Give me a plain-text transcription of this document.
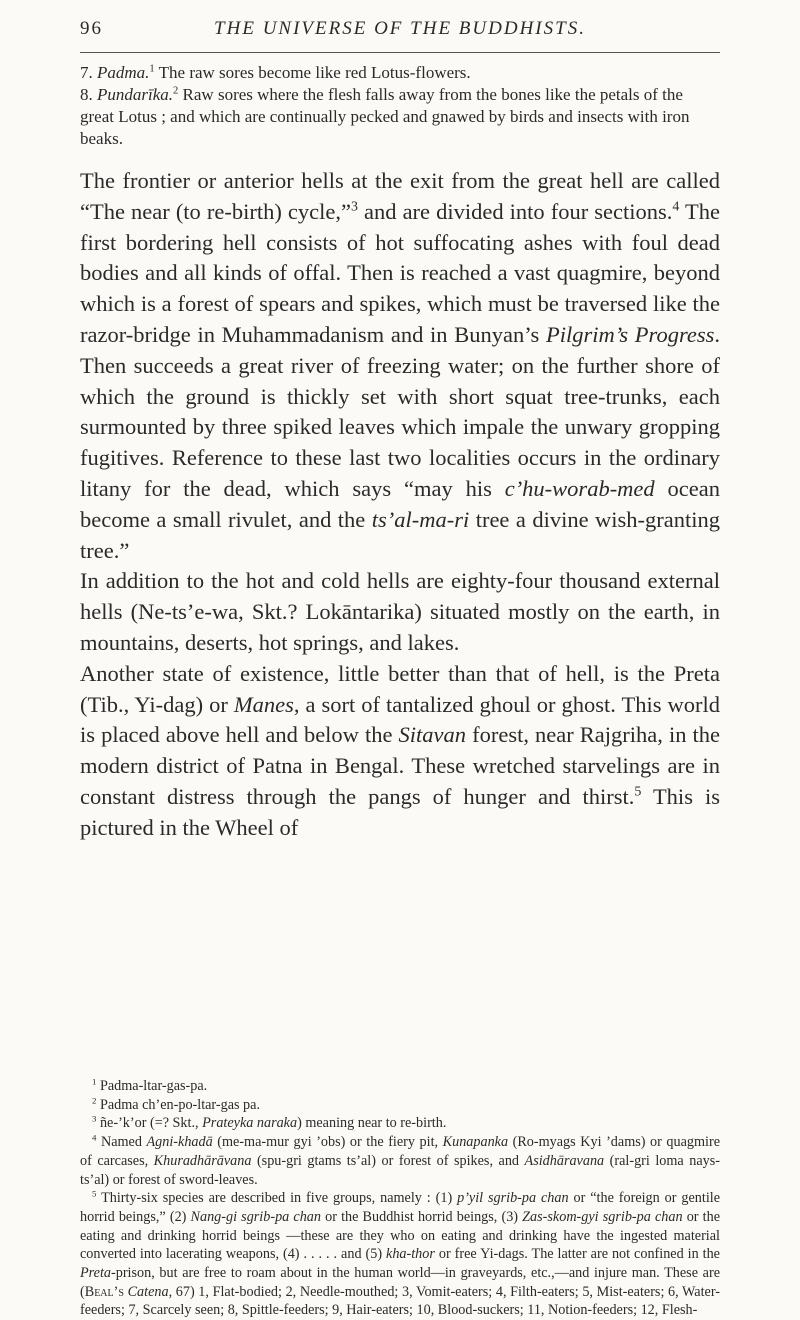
96	THE UNIVERSE OF THE BUDDHISTS.

7. Padma.$^1$ The raw sores become like red Lotus-flowers.

8. Pundarīka.$^2$ Raw sores where the flesh falls away from the bones like the petals of the great Lotus ; and which are continually pecked and gnawed by birds and insects with iron beaks.

The frontier or anterior hells at the exit from the great hell are called “The near (to re-birth) cycle,”$^3$ and are divided into four sections.$^4$ The first bordering hell consists of hot suffocating ashes with foul dead bodies and all kinds of offal. Then is reached a vast quagmire, beyond which is a forest of spears and spikes, which must be traversed like the razor-bridge in Muhammadanism and in Bunyan’s Pilgrim’s Progress. Then succeeds a great river of freezing water; on the further shore of which the ground is thickly set with short squat tree-trunks, each surmounted by three spiked leaves which impale the unwary gropping fugitives. Reference to these last two localities occurs in the ordinary litany for the dead, which says “may his c’hu-worab-med ocean become a small rivulet, and the ts’al-ma-ri tree a divine wish-granting tree.”

In addition to the hot and cold hells are eighty-four thousand external hells (Ne-ts’e-wa, Skt.? Lokāntarika) situated mostly on the earth, in mountains, deserts, hot springs, and lakes.

Another state of existence, little better than that of hell, is the Preta (Tib., Yi-dag) or Manes, a sort of tantalized ghoul or ghost. This world is placed above hell and below the Sitavan forest, near Rajgriha, in the modern district of Patna in Bengal. These wretched starvelings are in constant distress through the pangs of hunger and thirst.$^5$ This is pictured in the Wheel of

$^1$ Padma-ltar-gas-pa.

$^2$ Padma ch’en-po-ltar-gas pa.

$^3$ ñe-’k’or (=? Skt., Prateyka naraka) meaning near to re-birth.

$^4$ Named Agni-khadā (me-ma-mur gyi ’obs) or the fiery pit, Kunapanka (Ro-myags Kyi ’dams) or quagmire of carcases, Khuradhārāvana (spu-gri gtams ts’al) or forest of spikes, and Asidhāravana (ral-gri loma nays-ts’al) or forest of sword-leaves.

$^5$ Thirty-six species are described in five groups, namely : (1) p’yil sgrib-pa chan or “the foreign or gentile horrid beings,” (2) Nang-gi sgrib-pa chan or the Buddhist horrid beings, (3) Zas-skom-gyi sgrib-pa chan or the eating and drinking horrid beings —these are they who on eating and drinking have the ingested material converted into lacerating weapons, (4) . . . . . and (5) kha-thor or free Yi-dags. The latter are not confined in the Preta-prison, but are free to roam about in the human world—in graveyards, etc.,—and injure man. These are (Beal’s Catena, 67) 1, Flat-bodied; 2, Needle-mouthed; 3, Vomit-eaters; 4, Filth-eaters; 5, Mist-eaters; 6, Water-feeders; 7, Scarcely seen; 8, Spittle-feeders; 9, Hair-eaters; 10, Blood-suckers; 11, Notion-feeders; 12, Flesh-
